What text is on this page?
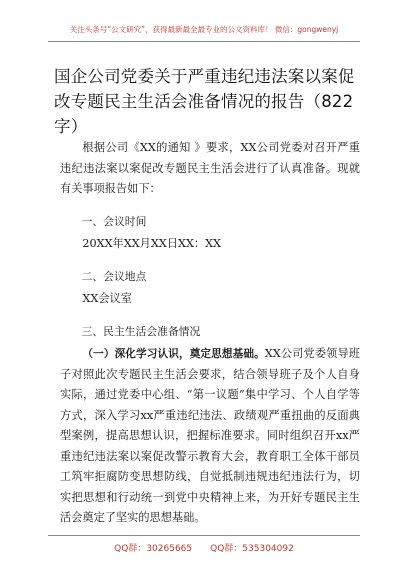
关注头条号“公文研究”，获得最新最全最专业的公文资料库！ 微信：gongwenyj
国企公司党委关于严重违纪违法案以案促改专题民主生活会准备情况的报告（822字）

根据公司《XX的通知 》要求，XX公司党委对召开严重违纪违法案以案促改专题民主生活会进行了认真准备。现就有关事项报告如下：

一、会议时间
20XX年XX月XX日XX：XX
二、会议地点
XX会议室
三、民主生活会准备情况

（一）深化学习认识，奠定思想基础。XX公司党委领导班子对照此次专题民主生活会要求，结合领导班子及个人自身实际，通过党委中心组、“第一议题”集中学习、个人自学等方式，深入学习xx严重违纪违法、政绩观严重扭曲的反面典型案例，提高思想认识，把握标准要求。同时组织召开xx严重违纪违法案以案促改警示教育大会，教育职工全体干部员工筑牢拒腐防变思想防线，自觉抵制违规违纪违法行为，切实把思想和行动统一到党中央精神上来，为开好专题民主生活会奠定了坚实的思想基础。

QQ群：30265665 QQ群：535304092
